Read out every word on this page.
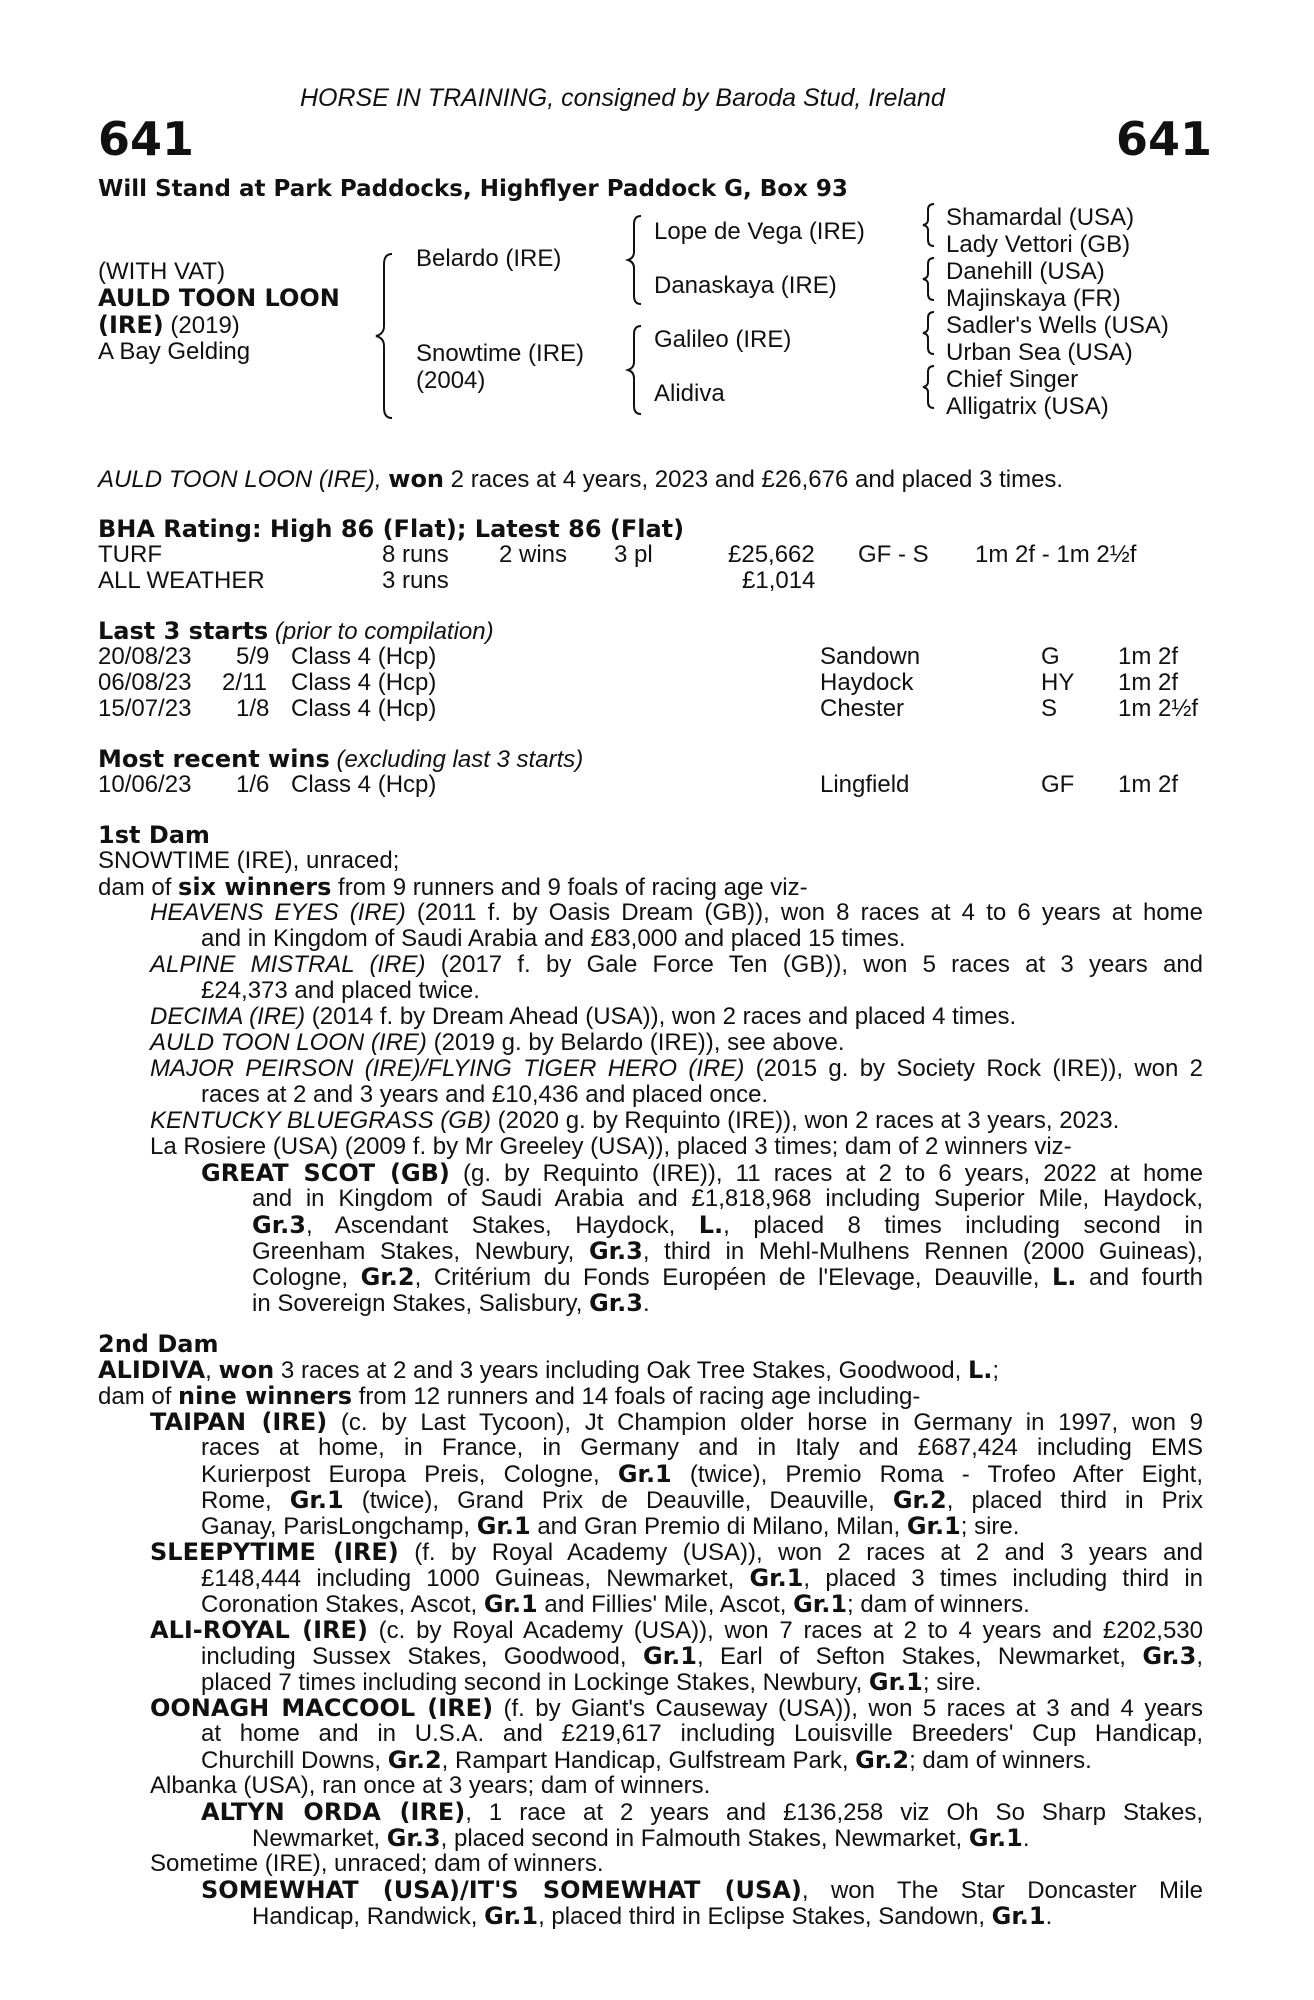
HORSE IN TRAINING, consigned by Baroda Stud, Ireland
641	641
Will Stand at Park Paddocks, Highflyer Paddock G, Box 93
(WITH VAT)
AULD TOON LOON
(IRE) (2019)
A Bay Gelding
Belardo (IRE)
Snowtime (IRE)
(2004)
Lope de Vega (IRE)
Danaskaya (IRE)
Galileo (IRE)
Alidiva
Shamardal (USA)
Lady Vettori (GB)
Danehill (USA)
Majinskaya (FR)
Sadler's Wells (USA)
Urban Sea (USA)
Chief Singer
Alligatrix (USA)
AULD TOON LOON (IRE), won 2 races at 4 years, 2023 and £26,676 and placed 3 times.
BHA Rating: High 86 (Flat); Latest 86 (Flat)
TURF	8 runs 2 wins 3 pl	£25,662 GF - S 1m 2f - 1m 2½f
ALL WEATHER	3 runs	£1,014
Last 3 starts (prior to compilation)
20/08/23 5/9 Class 4 (Hcp)	Sandown	G 1m 2f
06/08/23 2/11 Class 4 (Hcp)	Haydock	HY 1m 2f
15/07/23 1/8 Class 4 (Hcp)	Chester	S	1m 2½f
Most recent wins (excluding last 3 starts)
10/06/23 1/6 Class 4 (Hcp)	Lingfield	GF 1m 2f
1st Dam
SNOWTIME (IRE), unraced;
dam of six winners from 9 runners and 9 foals of racing age viz-
HEAVENS EYES (IRE) (2011 f. by Oasis Dream (GB)), won 8 races at 4 to 6 years at home
and in Kingdom of Saudi Arabia and £83,000 and placed 15 times.
ALPINE MISTRAL (IRE) (2017 f. by Gale Force Ten (GB)), won 5 races at 3 years and
£24,373 and placed twice.
DECIMA (IRE) (2014 f. by Dream Ahead (USA)), won 2 races and placed 4 times.
AULD TOON LOON (IRE) (2019 g. by Belardo (IRE)), see above.
MAJOR PEIRSON (IRE)/FLYING TIGER HERO (IRE) (2015 g. by Society Rock (IRE)), won 2
races at 2 and 3 years and £10,436 and placed once.
KENTUCKY BLUEGRASS (GB) (2020 g. by Requinto (IRE)), won 2 races at 3 years, 2023.
La Rosiere (USA) (2009 f. by Mr Greeley (USA)), placed 3 times; dam of 2 winners viz-
GREAT SCOT (GB) (g. by Requinto (IRE)), 11 races at 2 to 6 years, 2022 at home
and in Kingdom of Saudi Arabia and £1,818,968 including Superior Mile, Haydock,
Gr.3, Ascendant Stakes, Haydock, L., placed 8 times including second in
Greenham Stakes, Newbury, Gr.3, third in Mehl-Mulhens Rennen (2000 Guineas),
Cologne, Gr.2, Critérium du Fonds Européen de l'Elevage, Deauville, L. and fourth
in Sovereign Stakes, Salisbury, Gr.3.
2nd Dam
ALIDIVA, won 3 races at 2 and 3 years including Oak Tree Stakes, Goodwood, L.;
dam of nine winners from 12 runners and 14 foals of racing age including-
TAIPAN (IRE) (c. by Last Tycoon), Jt Champion older horse in Germany in 1997, won 9
races at home, in France, in Germany and in Italy and £687,424 including EMS
Kurierpost Europa Preis, Cologne, Gr.1 (twice), Premio Roma - Trofeo After Eight,
Rome, Gr.1 (twice), Grand Prix de Deauville, Deauville, Gr.2, placed third in Prix
Ganay, ParisLongchamp, Gr.1 and Gran Premio di Milano, Milan, Gr.1; sire.
SLEEPYTIME (IRE) (f. by Royal Academy (USA)), won 2 races at 2 and 3 years and
£148,444 including 1000 Guineas, Newmarket, Gr.1, placed 3 times including third in
Coronation Stakes, Ascot, Gr.1 and Fillies' Mile, Ascot, Gr.1; dam of winners.
ALI-ROYAL (IRE) (c. by Royal Academy (USA)), won 7 races at 2 to 4 years and £202,530
including Sussex Stakes, Goodwood, Gr.1, Earl of Sefton Stakes, Newmarket, Gr.3,
placed 7 times including second in Lockinge Stakes, Newbury, Gr.1; sire.
OONAGH MACCOOL (IRE) (f. by Giant's Causeway (USA)), won 5 races at 3 and 4 years
at home and in U.S.A. and £219,617 including Louisville Breeders' Cup Handicap,
Churchill Downs, Gr.2, Rampart Handicap, Gulfstream Park, Gr.2; dam of winners.
Albanka (USA), ran once at 3 years; dam of winners.
ALTYN ORDA (IRE), 1 race at 2 years and £136,258 viz Oh So Sharp Stakes,
Newmarket, Gr.3, placed second in Falmouth Stakes, Newmarket, Gr.1.
Sometime (IRE), unraced; dam of winners.
SOMEWHAT (USA)/IT'S SOMEWHAT (USA), won The Star Doncaster Mile
Handicap, Randwick, Gr.1, placed third in Eclipse Stakes, Sandown, Gr.1.
